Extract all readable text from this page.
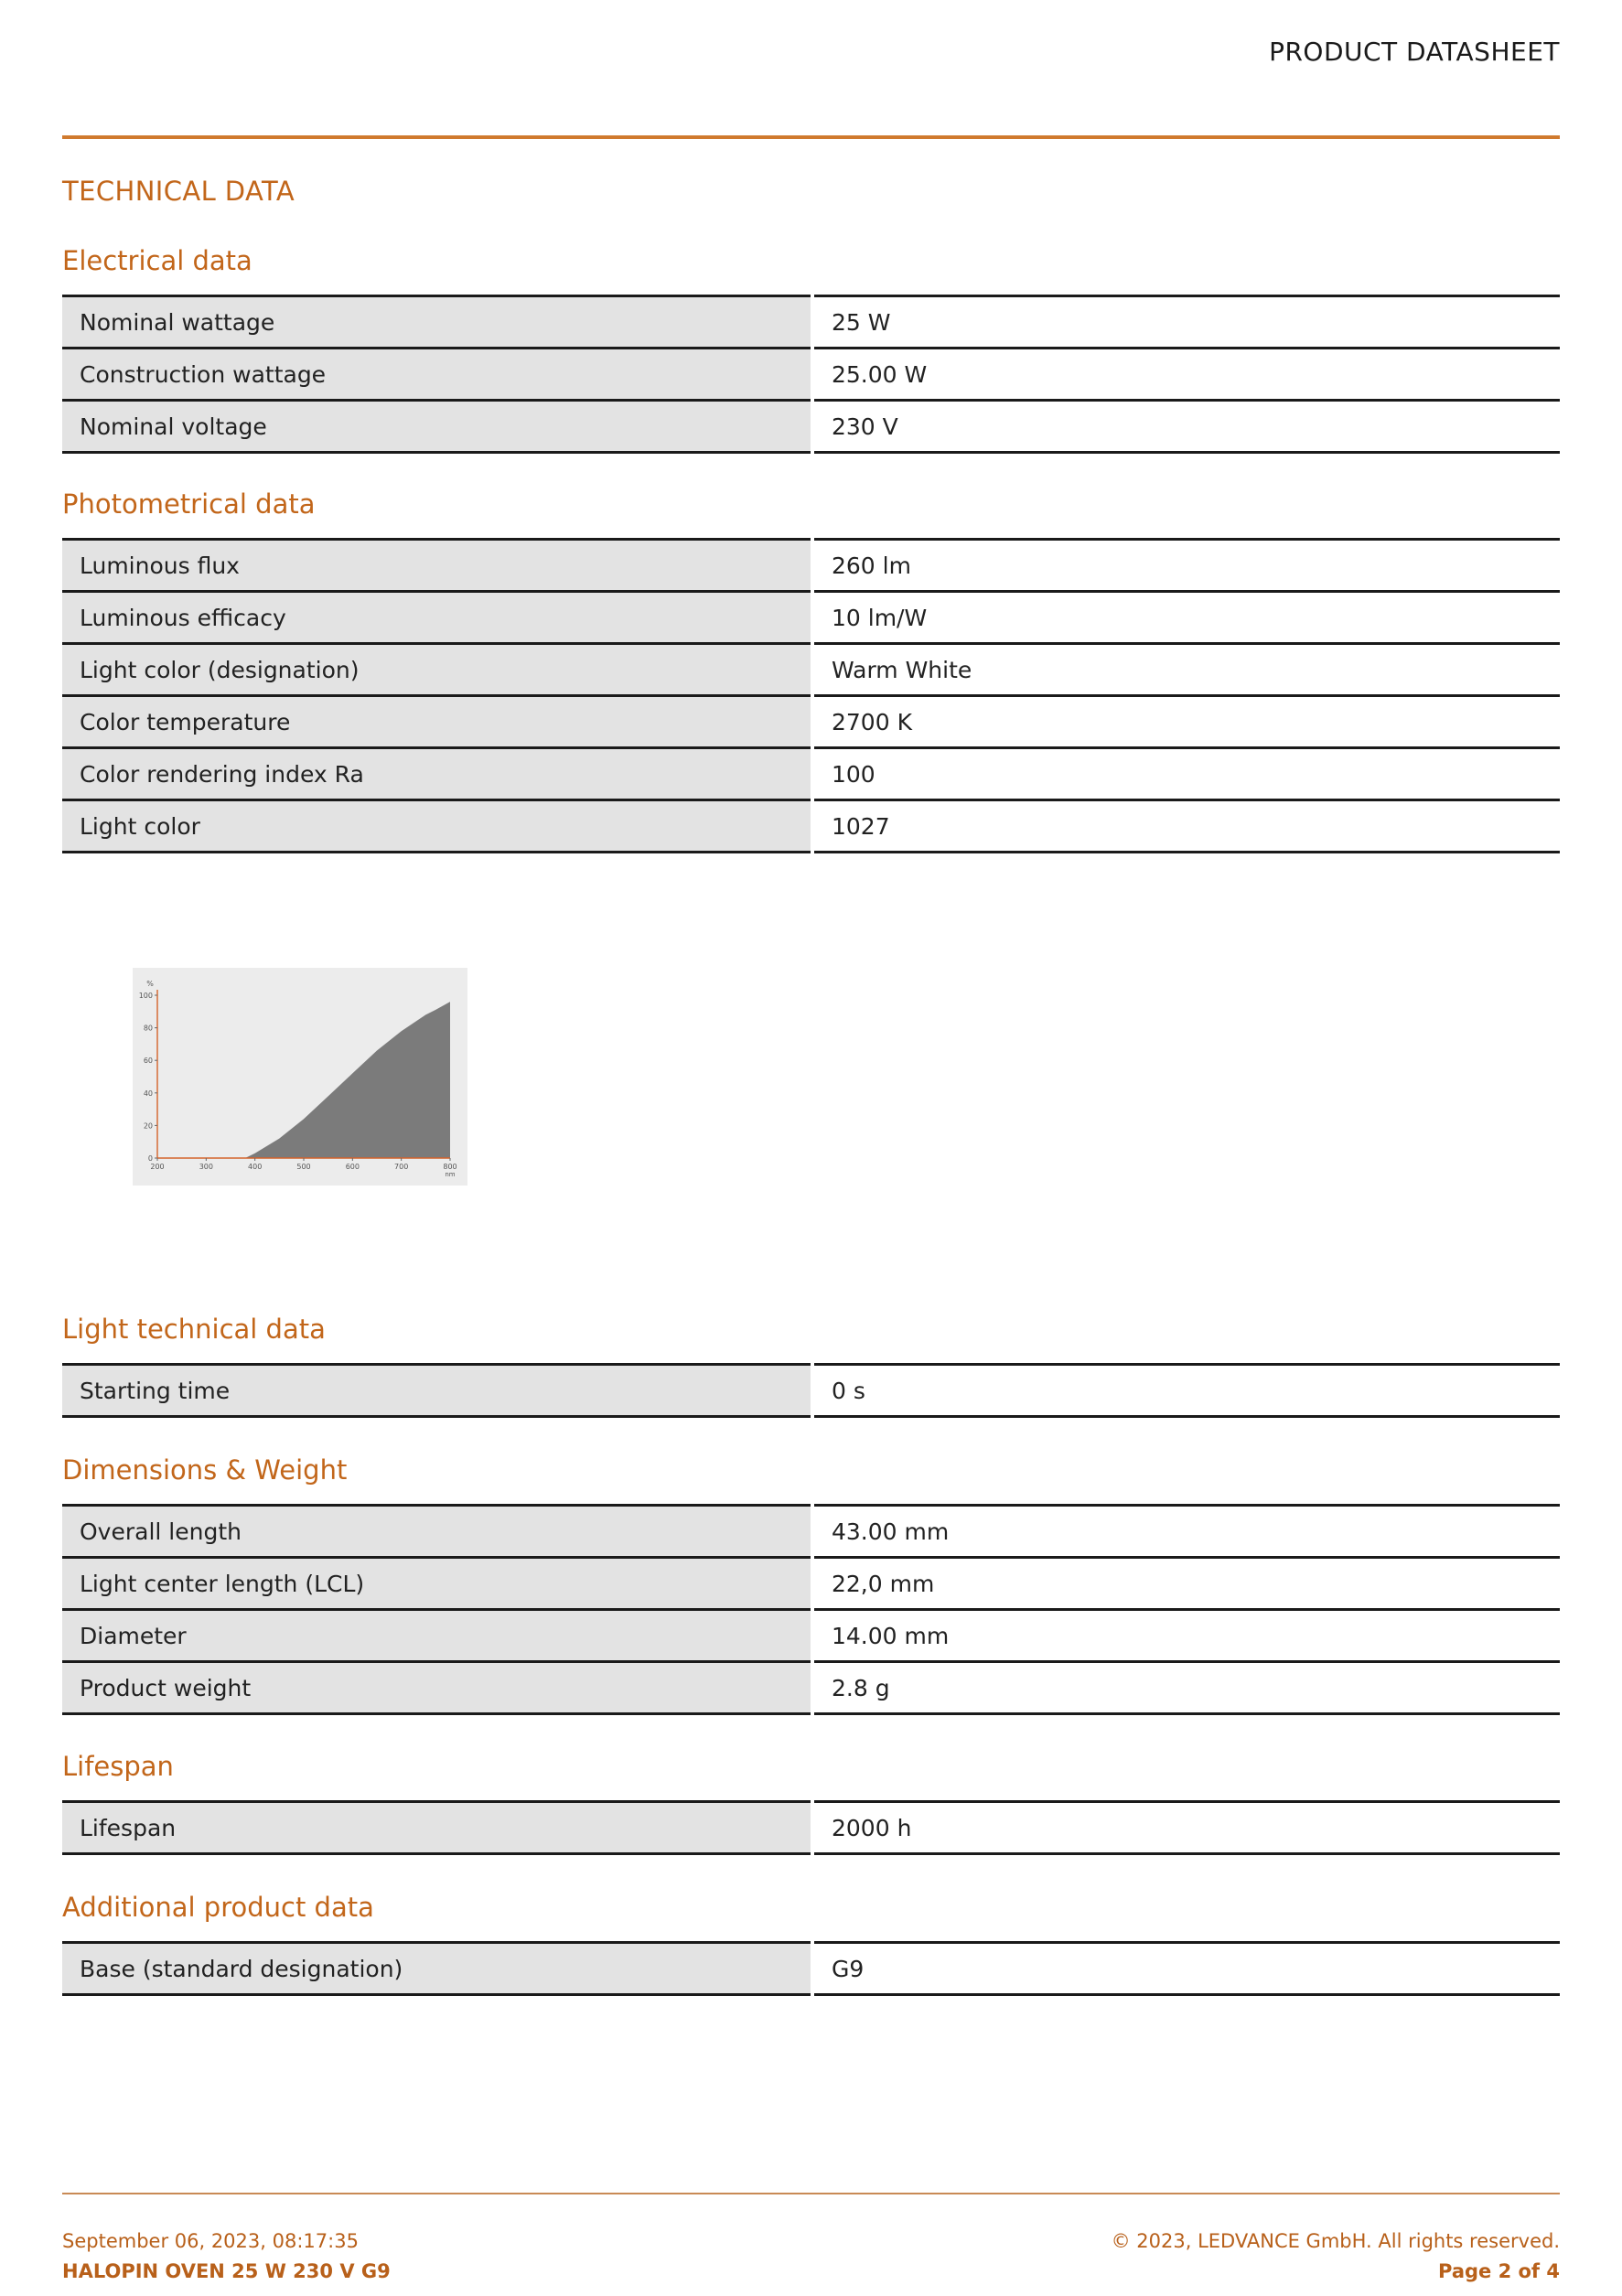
PRODUCT DATASHEET
TECHNICAL DATA
Electrical data
Nominal wattage	25 W
Construction wattage	25.00 W
Nominal voltage	230 V
Photometrical data
Luminous flux	260 lm
Luminous efficacy	10 lm/W
Light color (designation)	Warm White
Color temperature	2700 K
Color rendering index Ra	100
Light color	1027
0
20
40
60
80
100
%
200	300	400	500	600	700	800
nm
Light technical data
Starting time	0 s
Dimensions & Weight
Overall length	43.00 mm
Light center length (LCL)	22,0 mm
Diameter	14.00 mm
Product weight	2.8 g
Lifespan
Lifespan	2000 h
Additional product data
Base (standard designation)	G9
September 06, 2023, 08:17:35
HALOPIN OVEN 25 W 230 V G9
© 2023, LEDVANCE GmbH. All rights reserved.
Page 2 of 4
